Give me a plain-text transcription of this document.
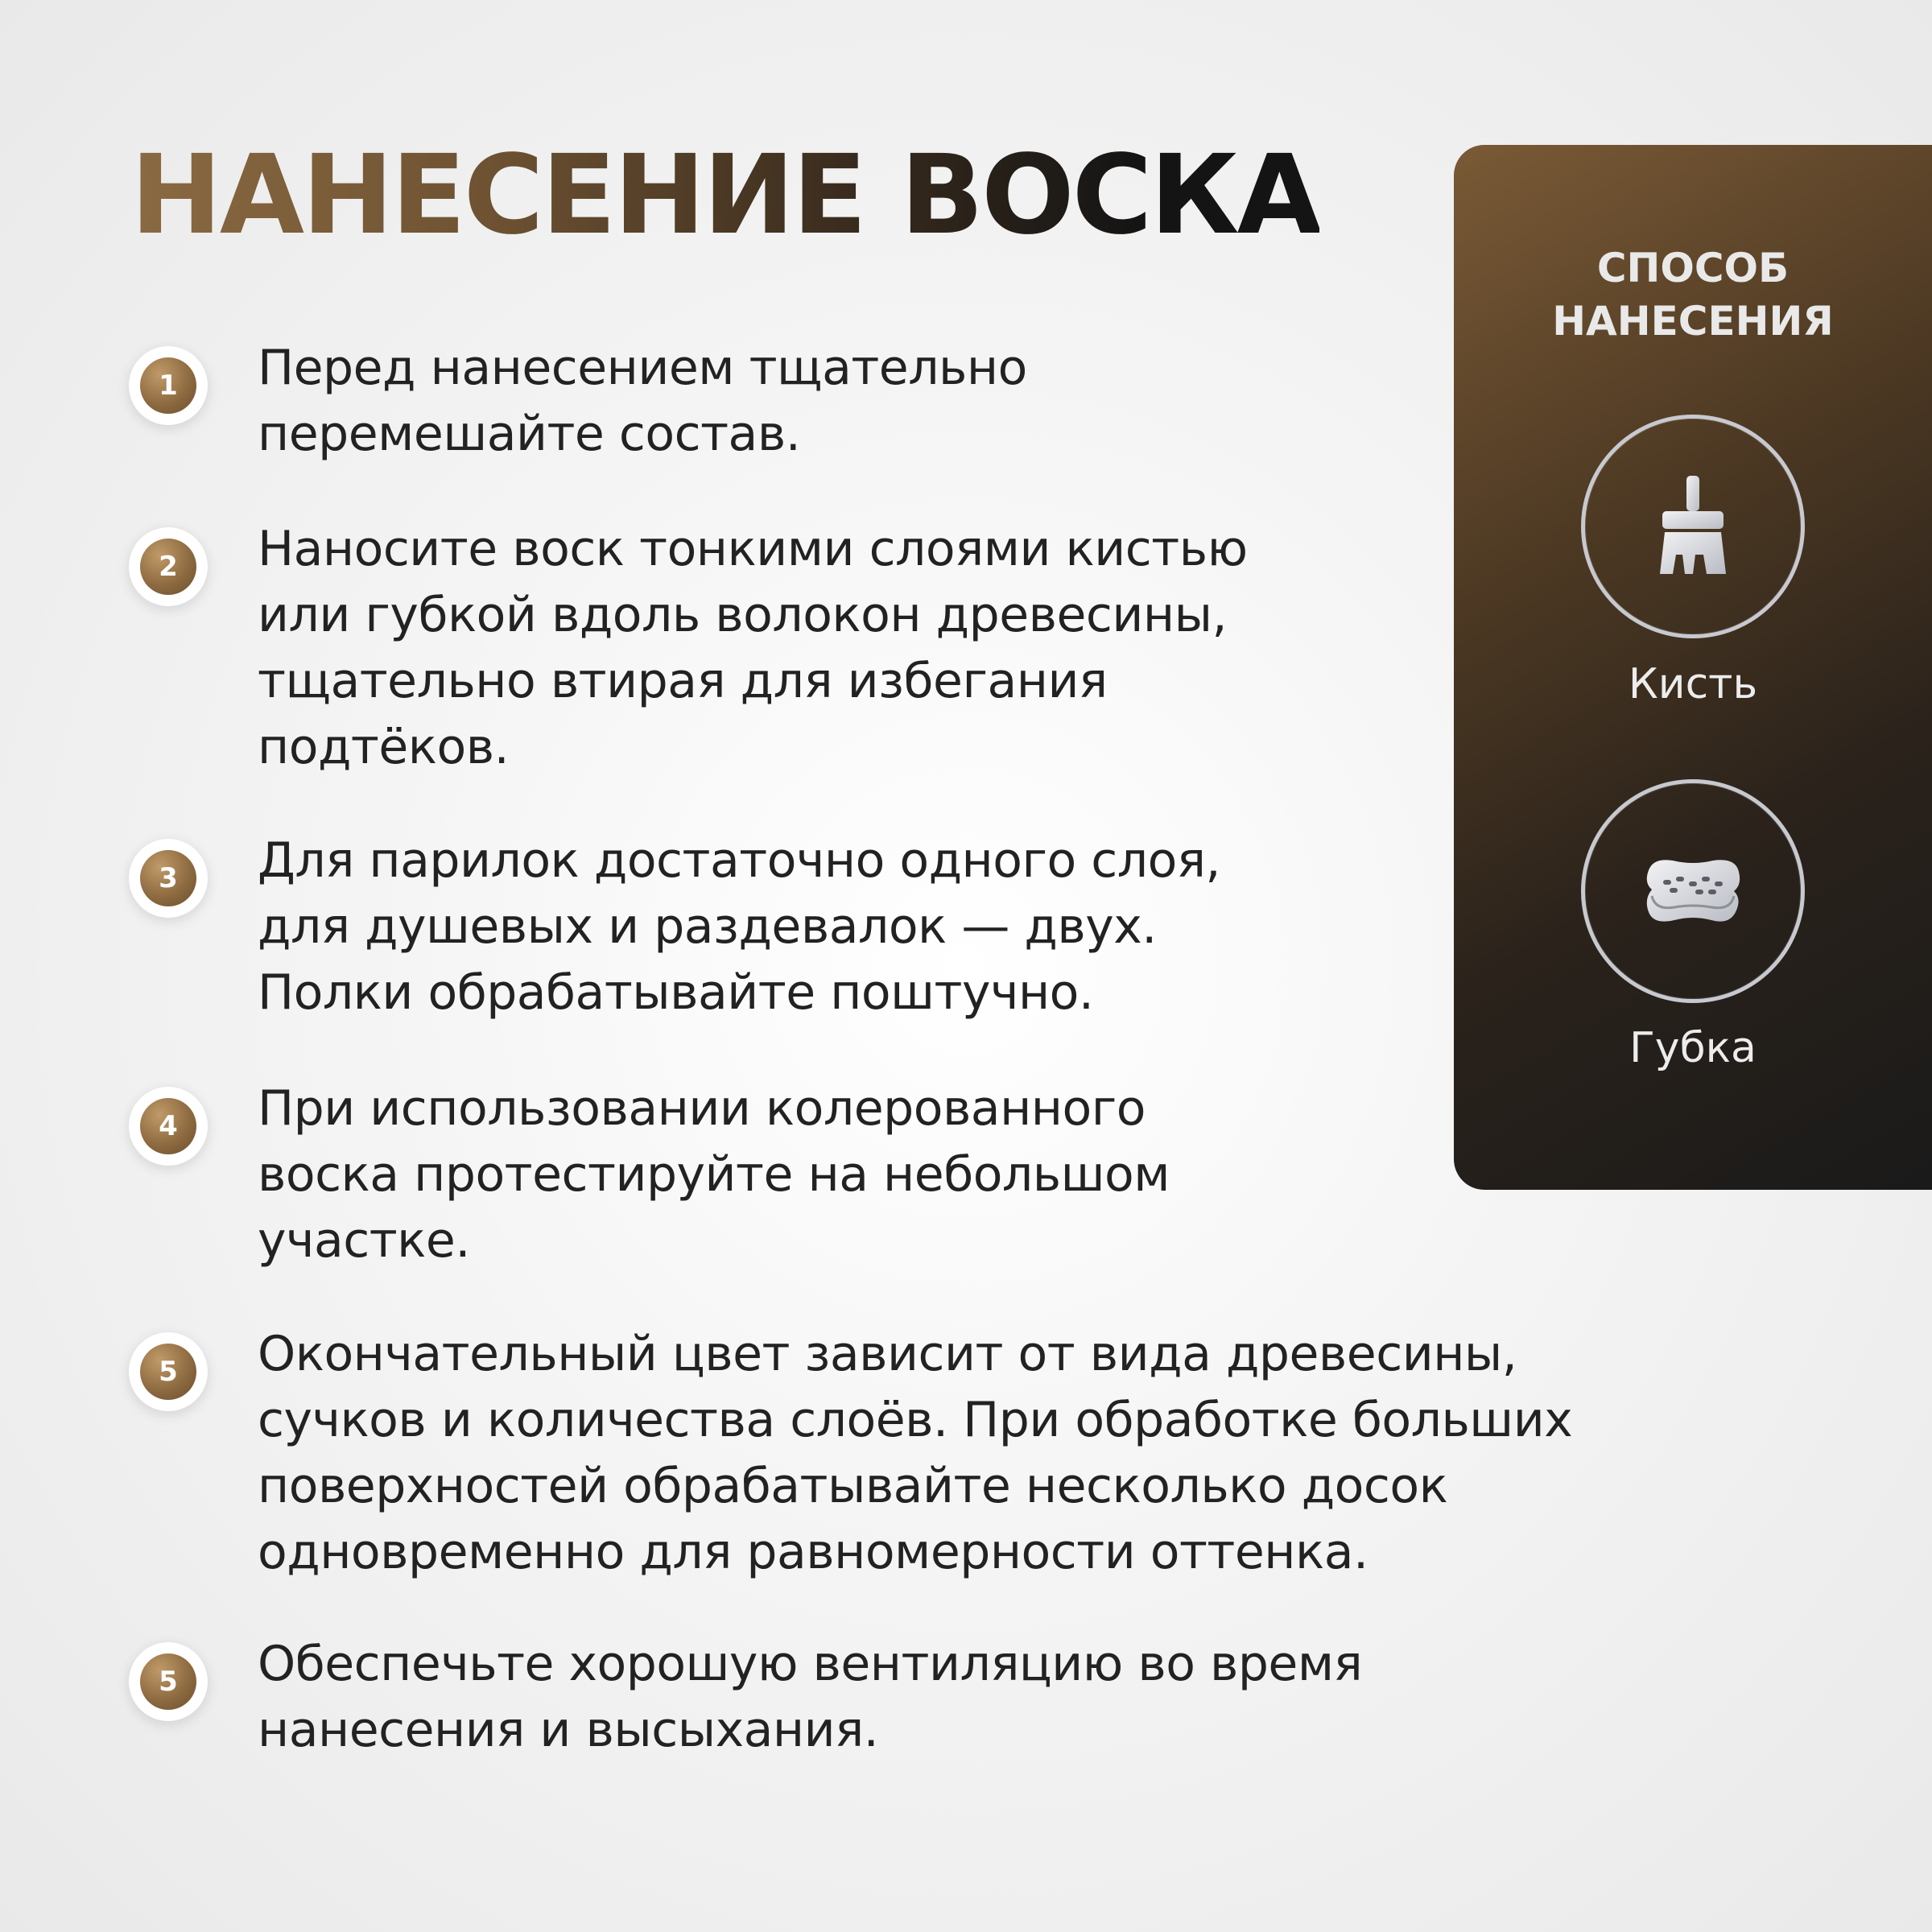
НАНЕСЕНИЕ ВОСКА
1	Перед нанесением тщательно
перемешайте состав.
2	Наносите воск тонкими слоями кистью
или губкой вдоль волокон древесины,
тщательно втирая для избегания
подтёков.
3	Для парилок достаточно одного слоя,
для душевых и раздевалок — двух.
Полки обрабатывайте поштучно.
4	При использовании колерованного
воска протестируйте на небольшом
участке.
5	Окончательный цвет зависит от вида древесины,
сучков и количества слоёв. При обработке больших
поверхностей обрабатывайте несколько досок
одновременно для равномерности оттенка.
5	Обеспечьте хорошую вентиляцию во время
нанесения и высыхания.
СПОСОБ
НАНЕСЕНИЯ
Кисть
Губка
